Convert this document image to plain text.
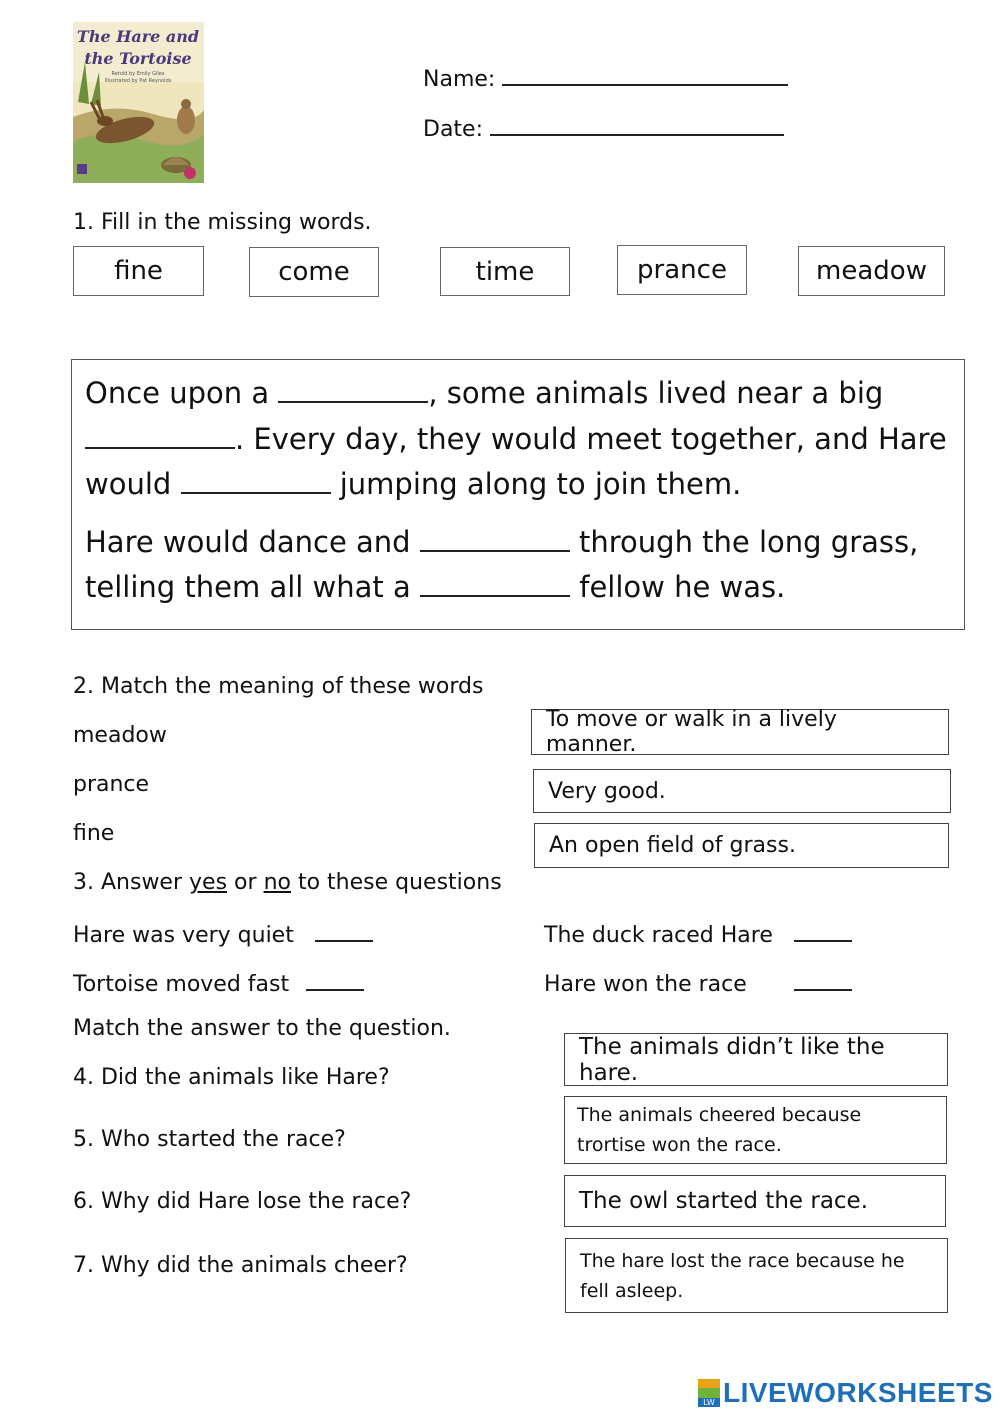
The Hare and
the Tortoise
Retold by Emily Giles
Illustrated by Pat Reynolds	Name:
Date:
1. Fill in the missing words.
fine	come	time	prance	meadow
Once upon a	, some animals lived near a big
. Every day, they would meet together, and Hare
would	jumping along to join them.
Hare would dance and	through the long grass,
telling them all what a	fellow he was.
2. Match the meaning of these words
meadow
prance
fine
To move or walk in a lively manner.
Very good.
An open field of grass.
3. Answer yes or no to these questions
Hare was very quiet	The duck raced Hare
Tortoise moved fast	Hare won the race
Match the answer to the question.
4. Did the animals like Hare?
5. Who started the race?
6. Why did Hare lose the race?
7. Why did the animals cheer?
The animals didn’t like the hare.
The animals cheered because trortise won the race.
The owl started the race.
The hare lost the race because he fell asleep.
LW LIVEWORKSHEETS
